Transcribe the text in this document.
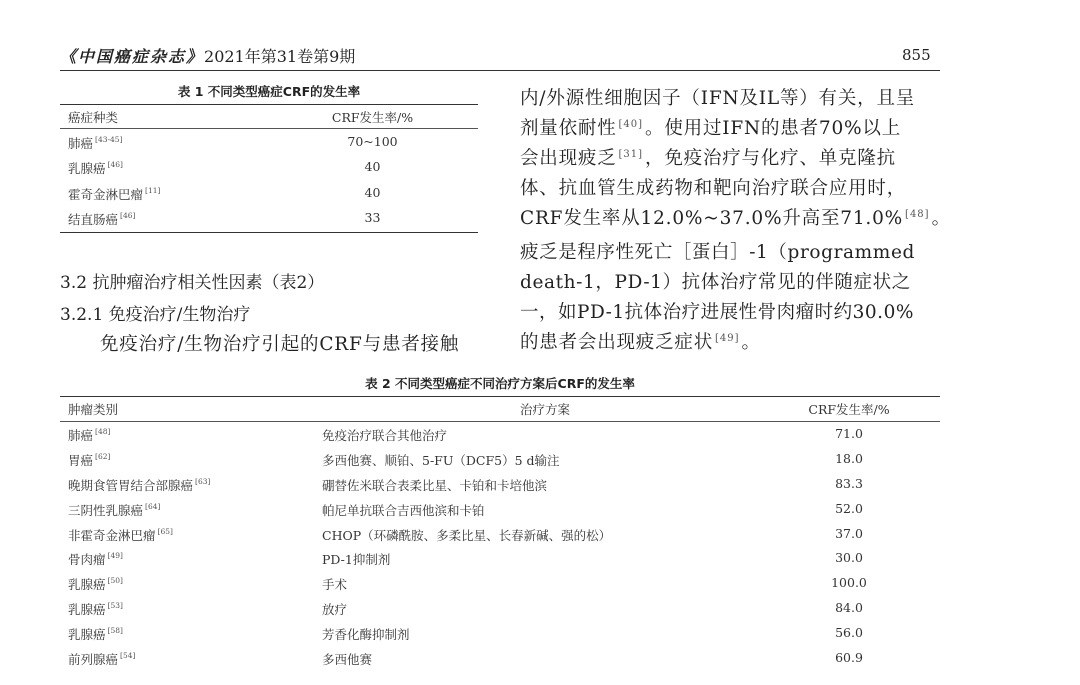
《中国癌症杂志》2021年第31卷第9期	855
表 1 不同类型癌症CRF的发生率
癌症种类	CRF发生率/%
肺癌 [43-45]	70~100
乳腺癌 [46]	40
霍奇金淋巴瘤 [11]	40
结直肠癌 [46]	33
3.2 抗肿瘤治疗相关性因素（表2）
3.2.1 免疫治疗/生物治疗
免疫治疗/生物治疗引起的CRF与患者接触
内/外源性细胞因子（IFN及IL等）有关，且呈
剂量依耐性 [40] 。使用过IFN的患者70%以上
会出现疲乏 [31] ，免疫治疗与化疗、单克隆抗
体、抗血管生成药物和靶向治疗联合应用时，
CRF发生率从12.0%~37.0%升高至71.0% [48] 。
疲乏是程序性死亡［蛋白］-1（programmed
death-1，PD-1）抗体治疗常见的伴随症状之
一，如PD-1抗体治疗进展性骨肉瘤时约30.0%
的患者会出现疲乏症状 [49] 。
表 2 不同类型癌症不同治疗方案后CRF的发生率
肿瘤类别	治疗方案	CRF发生率/%
肺癌 [48]	免疫治疗联合其他治疗	71.0
胃癌 [62]	多西他赛、顺铂、5-FU（DCF5）5 d输注	18.0
晚期食管胃结合部腺癌 [63]	硼替佐米联合表柔比星、卡铂和卡培他滨	83.3
三阴性乳腺癌 [64]	帕尼单抗联合吉西他滨和卡铂	52.0
非霍奇金淋巴瘤 [65]	CHOP（环磷酰胺、多柔比星、长春新碱、强的松）	37.0
骨肉瘤 [49]	PD-1抑制剂	30.0
乳腺癌 [50]	手术	100.0
乳腺癌 [53]	放疗	84.0
乳腺癌 [58]	芳香化酶抑制剂	56.0
前列腺癌 [54]	多西他赛	60.9
